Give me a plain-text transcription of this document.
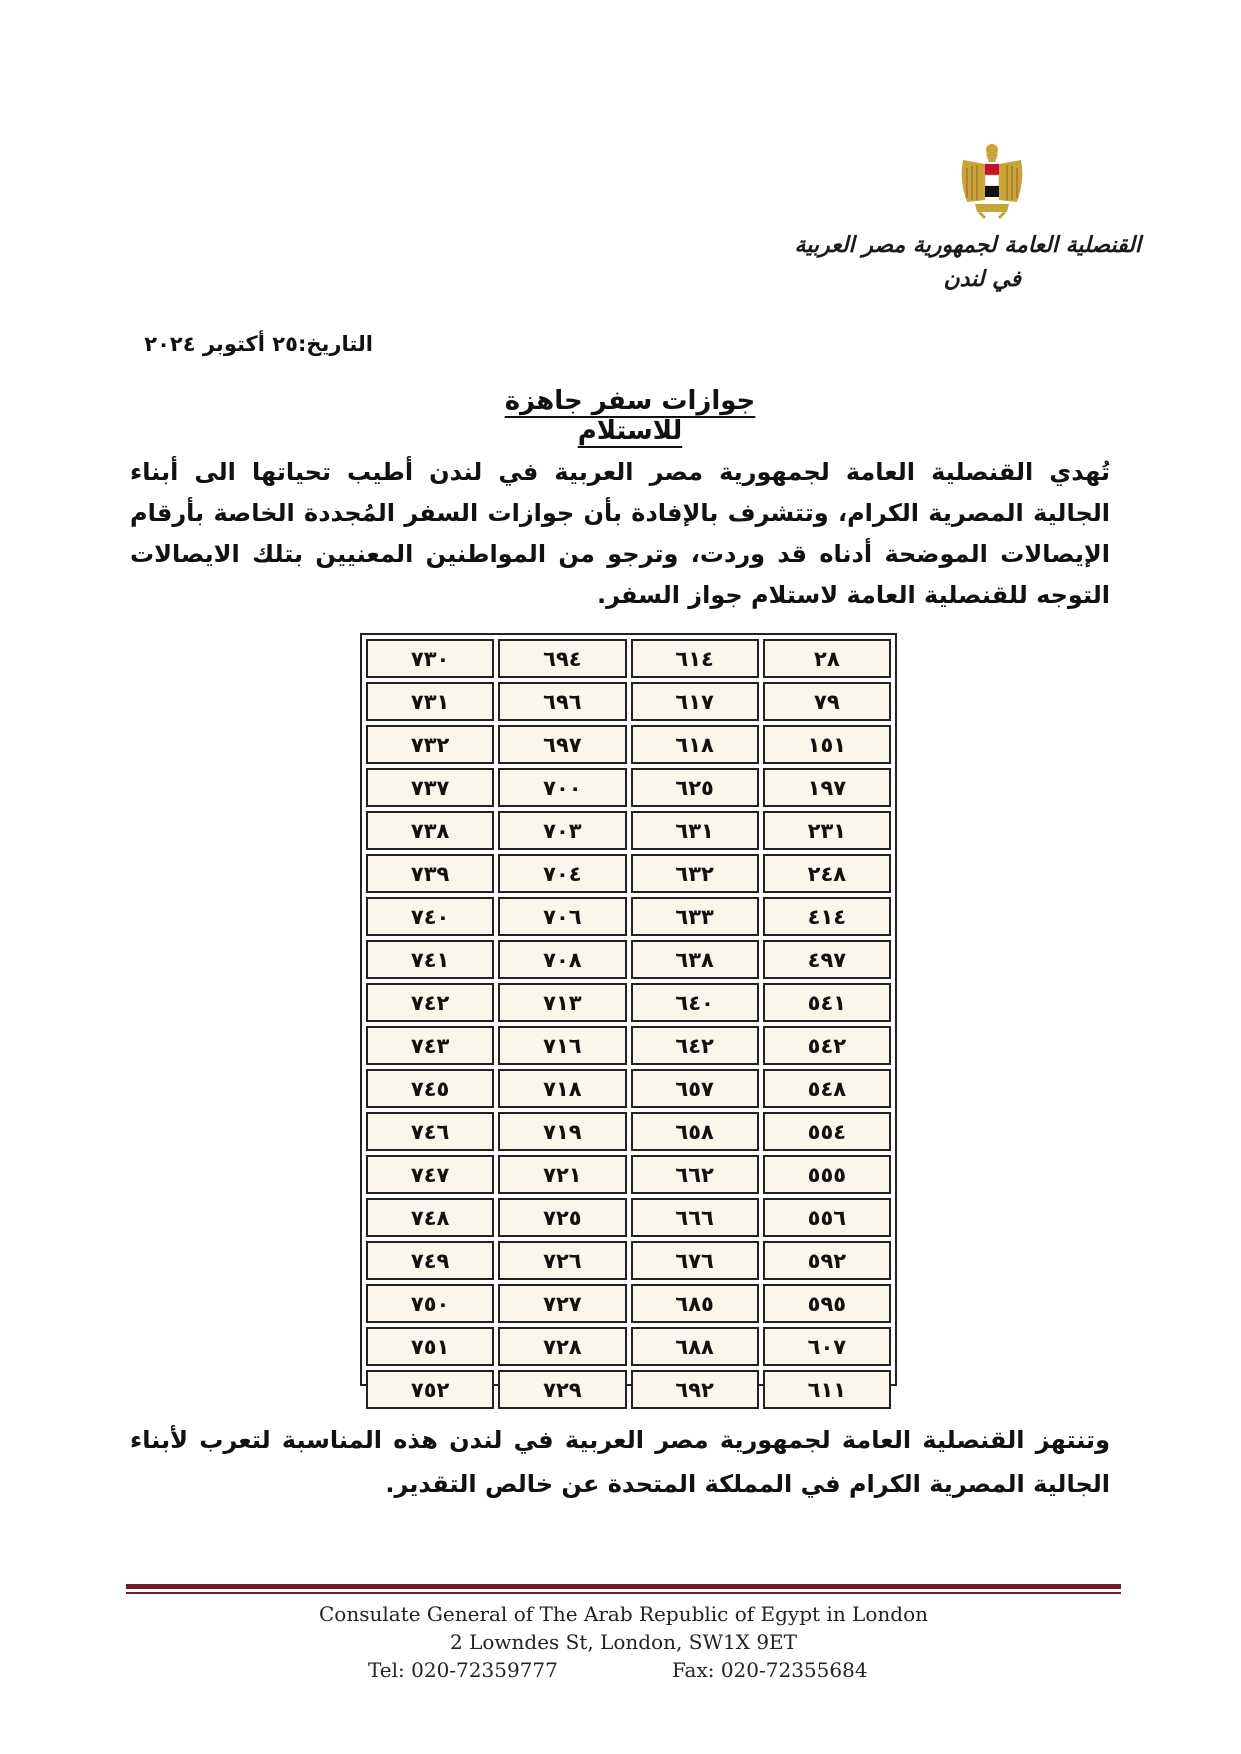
القنصلية العامة لجمهورية مصر العربية
في لندن
التاريخ:٢٥ أكتوبر ٢٠٢٤
جوازات سفر جاهزة للاستلام
تُهدي القنصلية العامة لجمهورية مصر العربية في لندن أطيب تحياتها الى أبناء الجالية المصرية الكرام، وتتشرف بالإفادة بأن جوازات السفر المُجددة الخاصة بأرقام الإيصالات الموضحة أدناه قد وردت، وترجو من المواطنين المعنيين بتلك الايصالات التوجه للقنصلية العامة لاستلام جواز السفر.
٧٣٠	٦٩٤	٦١٤	٢٨
٧٣١	٦٩٦	٦١٧	٧٩
٧٣٢	٦٩٧	٦١٨	١٥١
٧٣٧	٧٠٠	٦٢٥	١٩٧
٧٣٨	٧٠٣	٦٣١	٢٣١
٧٣٩	٧٠٤	٦٣٢	٢٤٨
٧٤٠	٧٠٦	٦٣٣	٤١٤
٧٤١	٧٠٨	٦٣٨	٤٩٧
٧٤٢	٧١٣	٦٤٠	٥٤١
٧٤٣	٧١٦	٦٤٢	٥٤٢
٧٤٥	٧١٨	٦٥٧	٥٤٨
٧٤٦	٧١٩	٦٥٨	٥٥٤
٧٤٧	٧٢١	٦٦٢	٥٥٥
٧٤٨	٧٢٥	٦٦٦	٥٥٦
٧٤٩	٧٢٦	٦٧٦	٥٩٢
٧٥٠	٧٢٧	٦٨٥	٥٩٥
٧٥١	٧٢٨	٦٨٨	٦٠٧
٧٥٢	٧٢٩	٦٩٢	٦١١
وتنتهز القنصلية العامة لجمهورية مصر العربية في لندن هذه المناسبة لتعرب لأبناء الجالية المصرية الكرام في المملكة المتحدة عن خالص التقدير.
Consulate General of The Arab Republic of Egypt in London
2 Lowndes St, London, SW1X 9ET
Tel: 020-72359777	Fax: 020-72355684
